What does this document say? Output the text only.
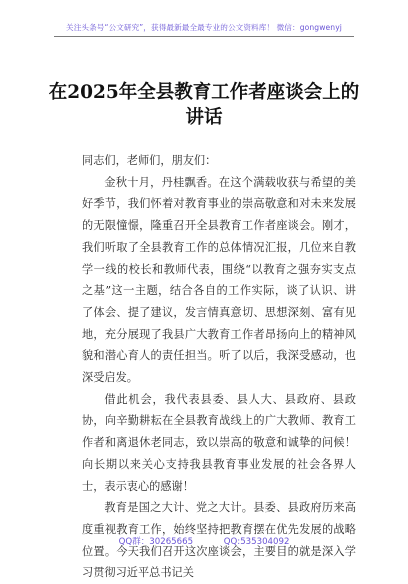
关注头条号“公文研究”，获得最新最全最专业的公文资料库！ 微信：gongwenyj
在2025年全县教育工作者座谈会上的讲话

同志们，老师们，朋友们：

金秋十月，丹桂飘香。在这个满载收获与希望的美好季节，我们怀着对教育事业的崇高敬意和对未来发展的无限憧憬，隆重召开全县教育工作者座谈会。刚才，我们听取了全县教育工作的总体情况汇报，几位来自教学一线的校长和教师代表，围绕“以教育之强夯实支点之基”这一主题，结合各自的工作实际，谈了认识、讲了体会、提了建议，发言情真意切、思想深刻、富有见地，充分展现了我县广大教育工作者昂扬向上的精神风貌和潜心育人的责任担当。听了以后，我深受感动，也深受启发。

借此机会，我代表县委、县人大、县政府、县政协，向辛勤耕耘在全县教育战线上的广大教师、教育工作者和离退休老同志，致以崇高的敬意和诚挚的问候！向长期以来关心支持我县教育事业发展的社会各界人士，表示衷心的感谢！

教育是国之大计、党之大计。县委、县政府历来高度重视教育工作，始终坚持把教育摆在优先发展的战略位置。今天我们召开这次座谈会，主要目的就是深入学习贯彻习近平总书记关

QQ群：30265665	QQ:535304092
